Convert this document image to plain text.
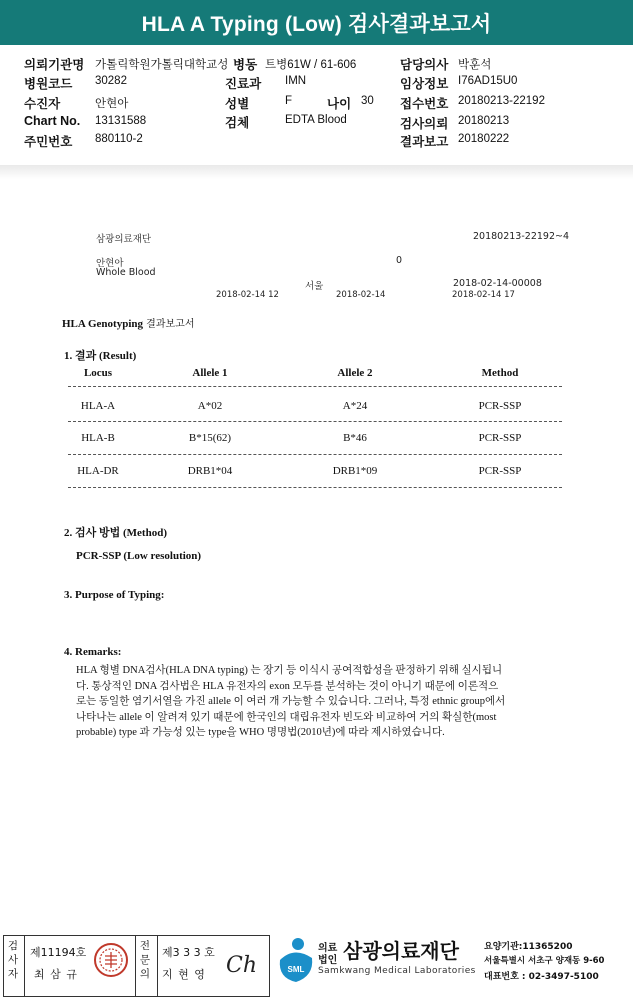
HLA A Typing (Low) 검사결과보고서
의뢰기관명 가톨릭학원가톨릭대학교성 병동 트병61W / 61-606	담당의사 박훈석
병원코드 30282	진료과 IMN	임상정보 I76AD15U0
수진자	안현아	성별	F	나이 30 접수번호 20180213-22192
Chart No. 13131588	검체	EDTA Blood	검사의뢰 20180213
주민번호 880110-2	결과보고 20180222
삼광의료재단	20180213-22192~4
안현아	0
Whole Blood
서울	2018-02-14-00008
2018-02-14 12	2018-02-14	2018-02-14 17
HLA Genotyping 결과보고서
1. 결과 (Result)
Locus	Allele 1	Allele 2	Method
HLA-A	A*02	A*24	PCR-SSP
HLA-B	B*15(62)	B*46	PCR-SSP
HLA-DR	DRB1*04	DRB1*09	PCR-SSP
2. 검사 방법 (Method)
PCR-SSP (Low resolution)
3. Purpose of Typing:
4. Remarks:
HLA 형별 DNA검사(HLA DNA typing) 는 장기 등 이식시 공여적합성을 판정하기 위해 실시됩니
다. 통상적인 DNA 검사법은 HLA 유전자의 exon 모두를 분석하는 것이 아니기 때문에 이론적으
로는 동일한 염기서열을 가진 allele 이 여러 개 가능할 수 있습니다. 그러나, 특정 ethnic group에서
나타나는 allele 이 알려져 있기 때문에 한국인의 대립유전자 빈도와 비교하여 거의 확실한(most
probable) type 과 가능성 있는 type을 WHO 명명법(2010년)에 따라 제시하였습니다.
검사자
제11194호
최 삼 규
전문의
제3 3 3 호
지 현 영 Ch	SML
의료
법인 삼광의료재단
Samkwang Medical Laboratories
요양기관:11365200
서울특별시 서초구 양재동 9-60
대표번호 : 02-3497-5100
